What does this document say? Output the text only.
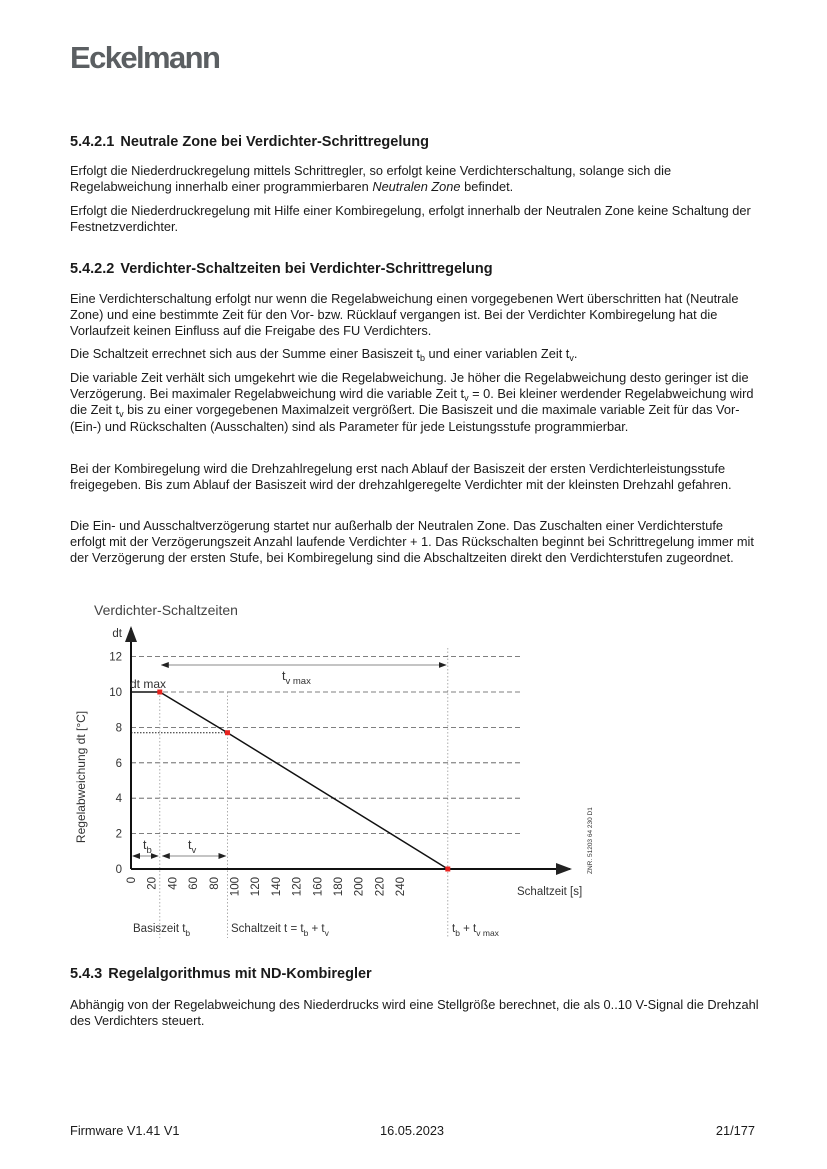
Eckelmann
5.4.2.1 Neutrale Zone bei Verdichter-Schrittregelung

Erfolgt die Niederdruckregelung mittels Schrittregler, so erfolgt keine Verdichterschaltung, solange sich die Regelabweichung innerhalb einer programmierbaren Neutralen Zone befindet.

Erfolgt die Niederdruckregelung mit Hilfe einer Kombiregelung, erfolgt innerhalb der Neutralen Zone keine Schaltung der Festnetzverdichter.

5.4.2.2 Verdichter-Schaltzeiten bei Verdichter-Schrittregelung

Eine Verdichterschaltung erfolgt nur wenn die Regelabweichung einen vorgegebenen Wert überschritten hat (Neutrale Zone) und eine bestimmte Zeit für den Vor- bzw. Rücklauf vergangen ist. Bei der Verdichter Kombiregelung hat die Vorlaufzeit keinen Einfluss auf die Freigabe des FU Verdichters.

Die Schaltzeit errechnet sich aus der Summe einer Basiszeit $t_b$ und einer variablen Zeit $t_v$.

Die variable Zeit verhält sich umgekehrt wie die Regelabweichung. Je höher die Regelabweichung desto geringer ist die Verzögerung. Bei maximaler Regelabweichung wird die variable Zeit $t_v = 0$. Bei kleiner werdender Regelabweichung wird die Zeit $t_v$ bis zu einer vorgegebenen Maximalzeit vergrößert. Die Basiszeit und die maximale variable Zeit für das Vor- (Ein-) und Rückschalten (Ausschalten) sind als Parameter für jede Leistungsstufe programmierbar.

Bei der Kombiregelung wird die Drehzahlregelung erst nach Ablauf der Basiszeit der ersten Verdichterleistungsstufe freigegeben. Bis zum Ablauf der Basiszeit wird der drehzahlgeregelte Verdichter mit der kleinsten Drehzahl gefahren.

Die Ein- und Ausschaltverzögerung startet nur außerhalb der Neutralen Zone. Das Zuschalten einer Verdichterstufe erfolgt mit der Verzögerungszeit Anzahl laufende Verdichter + 1. Das Rückschalten beginnt bei Schrittregelung immer mit der Verzögerung der ersten Stufe, bei Kombiregelung sind die Abschaltzeiten direkt den Verdichterstufen zugeordnet.

5.4.3 Regelalgorithmus mit ND-Kombiregler

Abhängig von der Regelabweichung des Niederdrucks wird eine Stellgröße berechnet, die als 0..10 V-Signal die Drehzahl des Verdichters steuert.

Verdichter-Schaltzeiten
0
2
4
6
8
10
12
dt
0 20 40 60 80 100 120 140 120 160 180 200 220 240	Schaltzeit [s]
Regelabweichung dt [°C]
dt max
$t_{v max}$
$t_b$	$t_v$
Basiszeit $t_b$	Schaltzeit $t = t_b + t_v$	$t_b + t_{v max}$
ZNR. 51203 64 230 D1
Firmware V1.41 V1	16.05.2023	21/177
